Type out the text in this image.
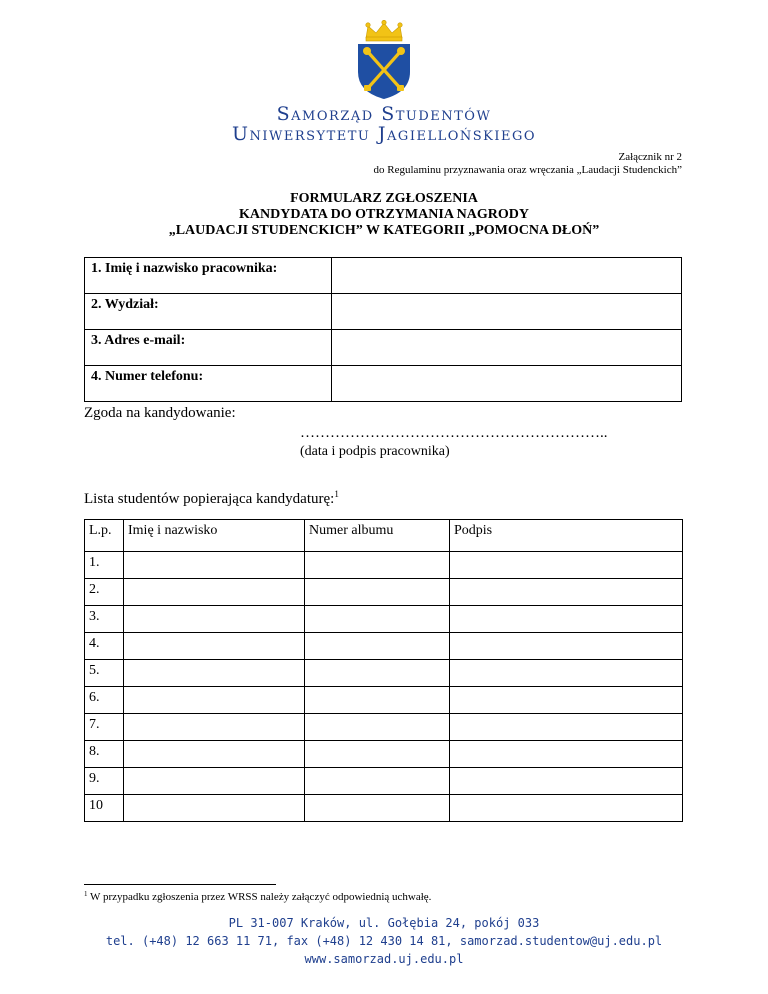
Samorząd Studentów
Uniwersytetu Jagiellońskiego
Załącznik nr 2
do Regulaminu przyznawania oraz wręczania „Laudacji Studenckich”
FORMULARZ ZGŁOSZENIA
KANDYDATA DO OTRZYMANIA NAGRODY
„LAUDACJI STUDENCKICH” W KATEGORII „POMOCNA DŁOŃ”
1. Imię i nazwisko pracownika:	
2. Wydział:	
3. Adres e-mail:	
4. Numer telefonu:	
Zgoda na kandydowanie:
……………………………………………………..
(data i podpis pracownika)
Lista studentów popierająca kandydaturę:$^1$
L.p.	Imię i nazwisko	Numer albumu	Podpis
1.			
2.			
3.			
4.			
5.			
6.			
7.			
8.			
9.			
10			
$^1$ W przypadku zgłoszenia przez WRSS należy załączyć odpowiednią uchwałę.
PL 31-007 Kraków, ul. Gołębia 24, pokój 033
tel. (+48) 12 663 11 71, fax (+48) 12 430 14 81, samorzad.studentow@uj.edu.pl
www.samorzad.uj.edu.pl
